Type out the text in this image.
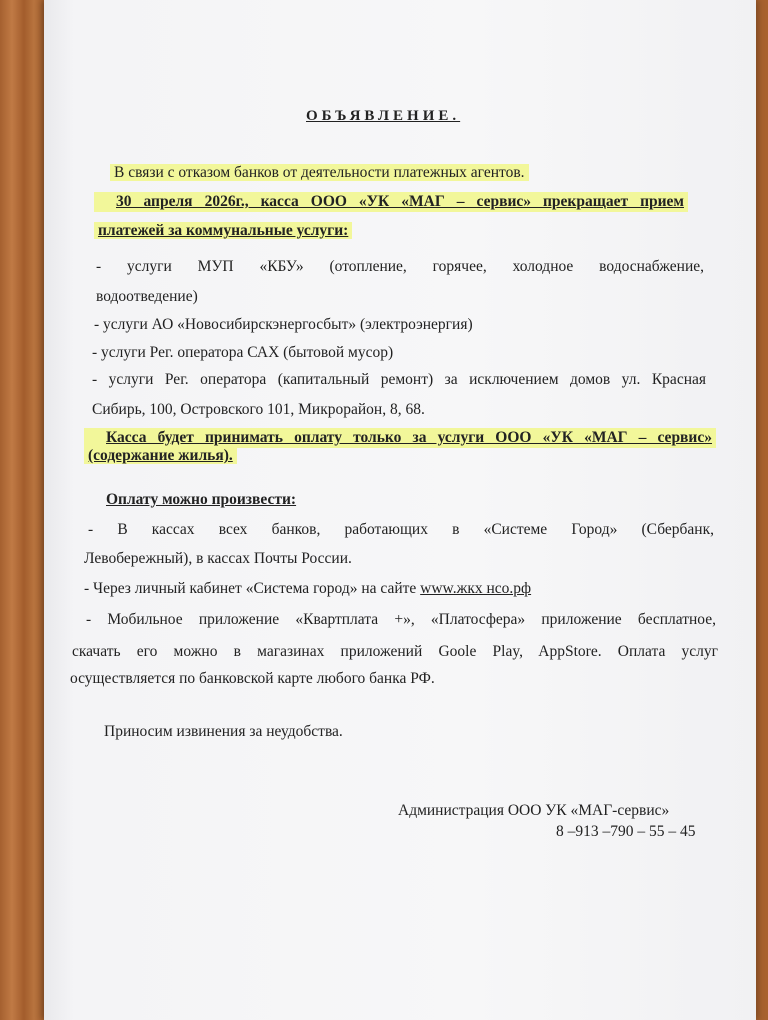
ОБЪЯВЛЕНИЕ.
В связи с отказом банков от деятельности платежных агентов.
30 апреля 2026г., касса ООО «УК «МАГ – сервис» прекращает прием
платежей за коммунальные услуги:
- услуги МУП «КБУ» (отопление, горячее, холодное водоснабжение,
водоотведение)
- услуги АО «Новосибирскэнергосбыт» (электроэнергия)
- услуги Рег. оператора САХ (бытовой мусор)
- услуги Рег. оператора (капитальный ремонт) за исключением домов ул. Красная
Сибирь, 100, Островского 101, Микрорайон, 8, 68.
Касса будет принимать оплату только за услуги ООО «УК «МАГ – сервис»
(содержание жилья).
Оплату можно произвести:
- В кассах всех банков, работающих в «Системе Город» (Сбербанк,
Левобережный), в кассах Почты России.
- Через личный кабинет «Система город» на сайте www.жкх нсо.рф
- Мобильное приложение «Квартплата +», «Платосфера» приложение бесплатное,
скачать его можно в магазинах приложений Goole Play, AppStore. Оплата услуг
осуществляется по банковской карте любого банка РФ.
Приносим извинения за неудобства.
Администрация ООО УК «МАГ-сервис»
8 –913 –790 – 55 – 45
